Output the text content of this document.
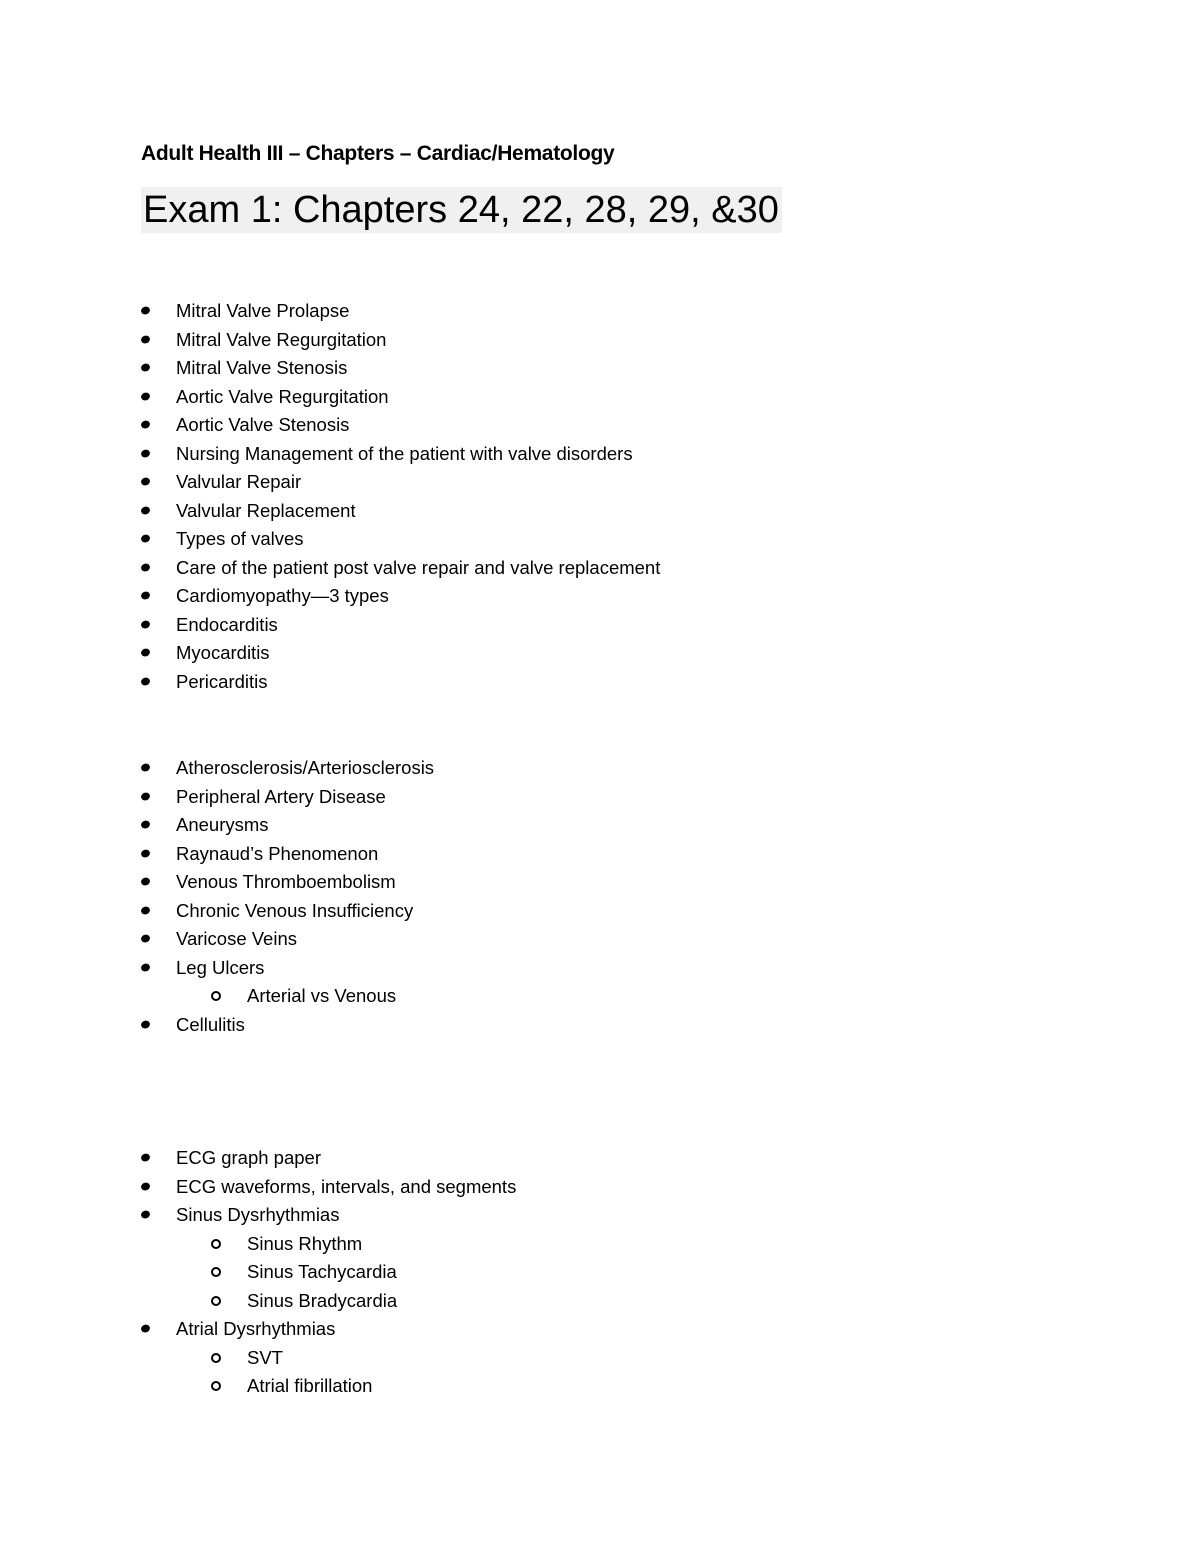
Adult Health III – Chapters – Cardiac/Hematology
Exam 1: Chapters 24, 22, 28, 29, &30
Mitral Valve Prolapse
Mitral Valve Regurgitation
Mitral Valve Stenosis
Aortic Valve Regurgitation
Aortic Valve Stenosis
Nursing Management of the patient with valve disorders
Valvular Repair
Valvular Replacement
Types of valves
Care of the patient post valve repair and valve replacement
Cardiomyopathy—3 types
Endocarditis
Myocarditis
Pericarditis
Atherosclerosis/Arteriosclerosis
Peripheral Artery Disease
Aneurysms
Raynaud’s Phenomenon
Venous Thromboembolism
Chronic Venous Insufficiency
Varicose Veins
Leg Ulcers
Arterial vs Venous
Cellulitis
ECG graph paper
ECG waveforms, intervals, and segments
Sinus Dysrhythmias
Sinus Rhythm
Sinus Tachycardia
Sinus Bradycardia
Atrial Dysrhythmias
SVT
Atrial fibrillation
